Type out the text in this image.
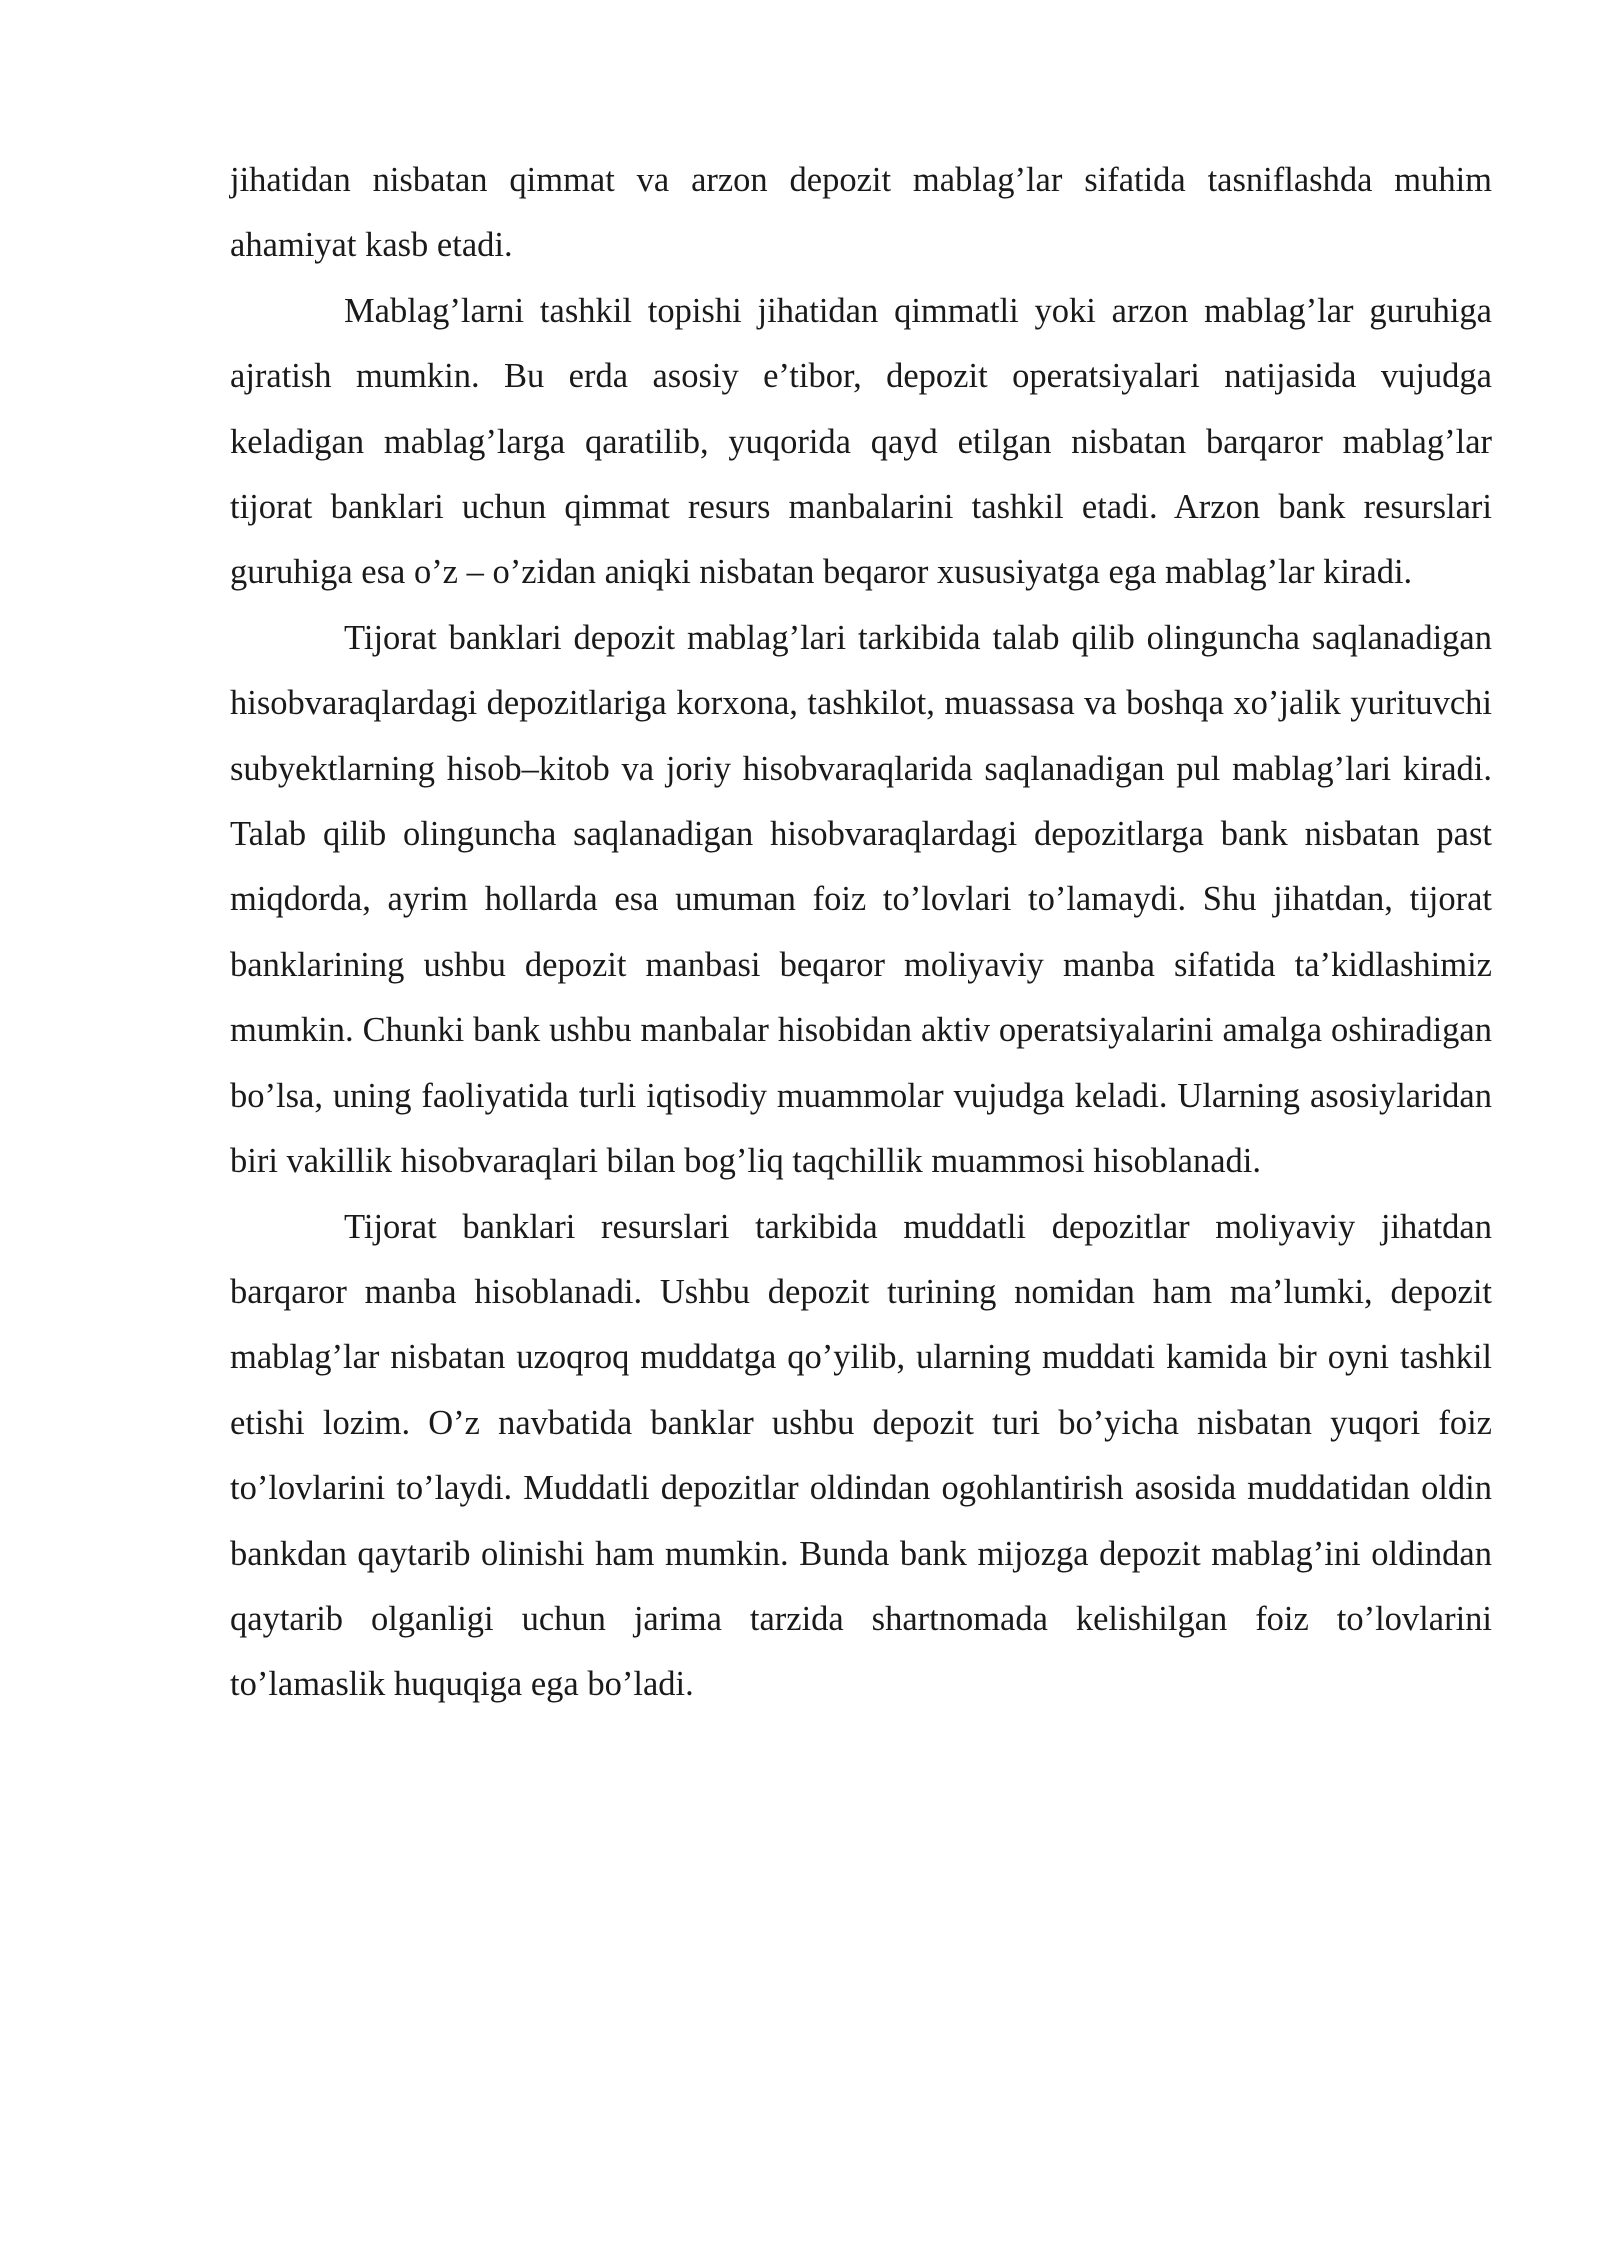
jihatidan nisbatan qimmat va arzon depozit mablag’lar sifatida tasniflashda muhim ahamiyat kasb etadi.

Mablag’larni tashkil topishi jihatidan qimmatli yoki arzon mablag’lar guruhiga ajratish mumkin. Bu erda asosiy e’tibor, depozit operatsiyalari natijasida vujudga keladigan mablag’larga qaratilib, yuqorida qayd etilgan nisbatan barqaror mablag’lar tijorat banklari uchun qimmat resurs manbalarini tashkil etadi. Arzon bank resurslari guruhiga esa o’z – o’zidan aniqki nisbatan beqaror xususiyatga ega mablag’lar kiradi.

Tijorat banklari depozit mablag’lari tarkibida talab qilib olinguncha saqlanadigan hisobvaraqlardagi depozitlariga korxona, tashkilot, muassasa va boshqa xo’jalik yurituvchi subyektlarning hisob–kitob va joriy hisobvaraqlarida saqlanadigan pul mablag’lari kiradi. Talab qilib olinguncha saqlanadigan hisobvaraqlardagi depozitlarga bank nisbatan past miqdorda, ayrim hollarda esa umuman foiz to’lovlari to’lamaydi. Shu jihatdan, tijorat banklarining ushbu depozit manbasi beqaror moliyaviy manba sifatida ta’kidlashimiz mumkin. Chunki bank ushbu manbalar hisobidan aktiv operatsiyalarini amalga oshiradigan bo’lsa, uning faoliyatida turli iqtisodiy muammolar vujudga keladi. Ularning asosiylaridan biri vakillik hisobvaraqlari bilan bog’liq taqchillik muammosi hisoblanadi.

Tijorat banklari resurslari tarkibida muddatli depozitlar moliyaviy jihatdan barqaror manba hisoblanadi. Ushbu depozit turining nomidan ham ma’lumki, depozit mablag’lar nisbatan uzoqroq muddatga qo’yilib, ularning muddati kamida bir oyni tashkil etishi lozim. O’z navbatida banklar ushbu depozit turi bo’yicha nisbatan yuqori foiz to’lovlarini to’laydi. Muddatli depozitlar oldindan ogohlantirish asosida muddatidan oldin bankdan qaytarib olinishi ham mumkin. Bunda bank mijozga depozit mablag’ini oldindan qaytarib olganligi uchun jarima tarzida shartnomada kelishilgan foiz to’lovlarini to’lamaslik huquqiga ega bo’ladi.
